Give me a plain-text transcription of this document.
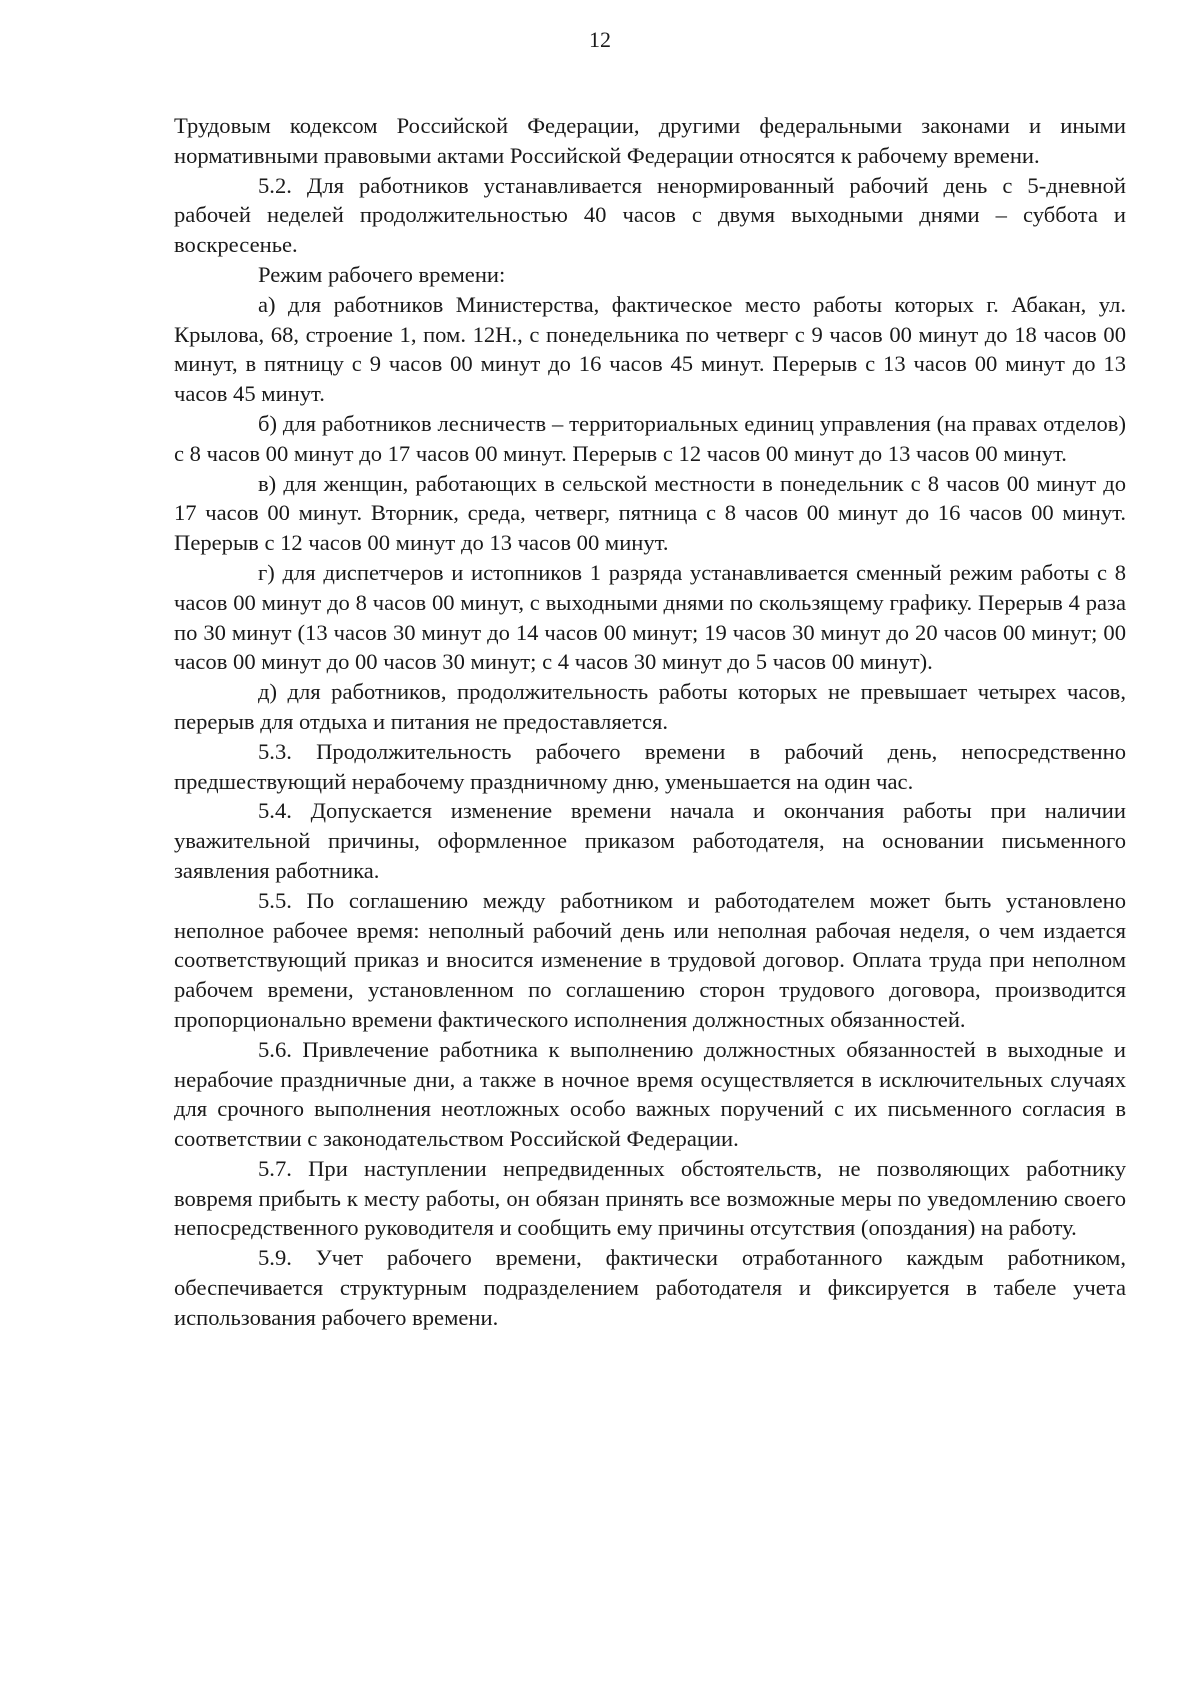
12

Трудовым кодексом Российской Федерации, другими федеральными законами и иными нормативными правовыми актами Российской Федерации относятся к рабочему времени.

5.2. Для работников устанавливается ненормированный рабочий день с 5-дневной рабочей неделей продолжительностью 40 часов с двумя выходными днями – суббота и воскресенье.

Режим рабочего времени:

а) для работников Министерства, фактическое место работы которых г. Абакан, ул. Крылова, 68, строение 1, пом. 12Н., с понедельника по четверг с 9 часов 00 минут до 18 часов 00 минут, в пятницу с 9 часов 00 минут до 16 часов 45 минут. Перерыв с 13 часов 00 минут до 13 часов 45 минут.

б) для работников лесничеств – территориальных единиц управления (на правах отделов) с 8 часов 00 минут до 17 часов 00 минут. Перерыв с 12 часов 00 минут до 13 часов 00 минут.

в) для женщин, работающих в сельской местности в понедельник с 8 часов 00 минут до 17 часов 00 минут. Вторник, среда, четверг, пятница с 8 часов 00 минут до 16 часов 00 минут. Перерыв с 12 часов 00 минут до 13 часов 00 минут.

г) для диспетчеров и истопников 1 разряда устанавливается сменный режим работы с 8 часов 00 минут до 8 часов 00 минут, с выходными днями по скользящему графику. Перерыв 4 раза по 30 минут (13 часов 30 минут до 14 часов 00 минут; 19 часов 30 минут до 20 часов 00 минут; 00 часов 00 минут до 00 часов 30 минут; с 4 часов 30 минут до 5 часов 00 минут).

д) для работников, продолжительность работы которых не превышает четырех часов, перерыв для отдыха и питания не предоставляется.

5.3. Продолжительность рабочего времени в рабочий день, непосредственно предшествующий нерабочему праздничному дню, уменьшается на один час.

5.4. Допускается изменение времени начала и окончания работы при наличии уважительной причины, оформленное приказом работодателя, на основании письменного заявления работника.

5.5. По соглашению между работником и работодателем может быть установлено неполное рабочее время: неполный рабочий день или неполная рабочая неделя, о чем издается соответствующий приказ и вносится изменение в трудовой договор. Оплата труда при неполном рабочем времени, установленном по соглашению сторон трудового договора, производится пропорционально времени фактического исполнения должностных обязанностей.

5.6. Привлечение работника к выполнению должностных обязанностей в выходные и нерабочие праздничные дни, а также в ночное время осуществляется в исключительных случаях для срочного выполнения неотложных особо важных поручений с их письменного согласия в соответствии с законодательством Российской Федерации.

5.7. При наступлении непредвиденных обстоятельств, не позволяющих работнику вовремя прибыть к месту работы, он обязан принять все возможные меры по уведомлению своего непосредственного руководителя и сообщить ему причины отсутствия (опоздания) на работу.

5.9. Учет рабочего времени, фактически отработанного каждым работником, обеспечивается структурным подразделением работодателя и фиксируется в табеле учета использования рабочего времени.
